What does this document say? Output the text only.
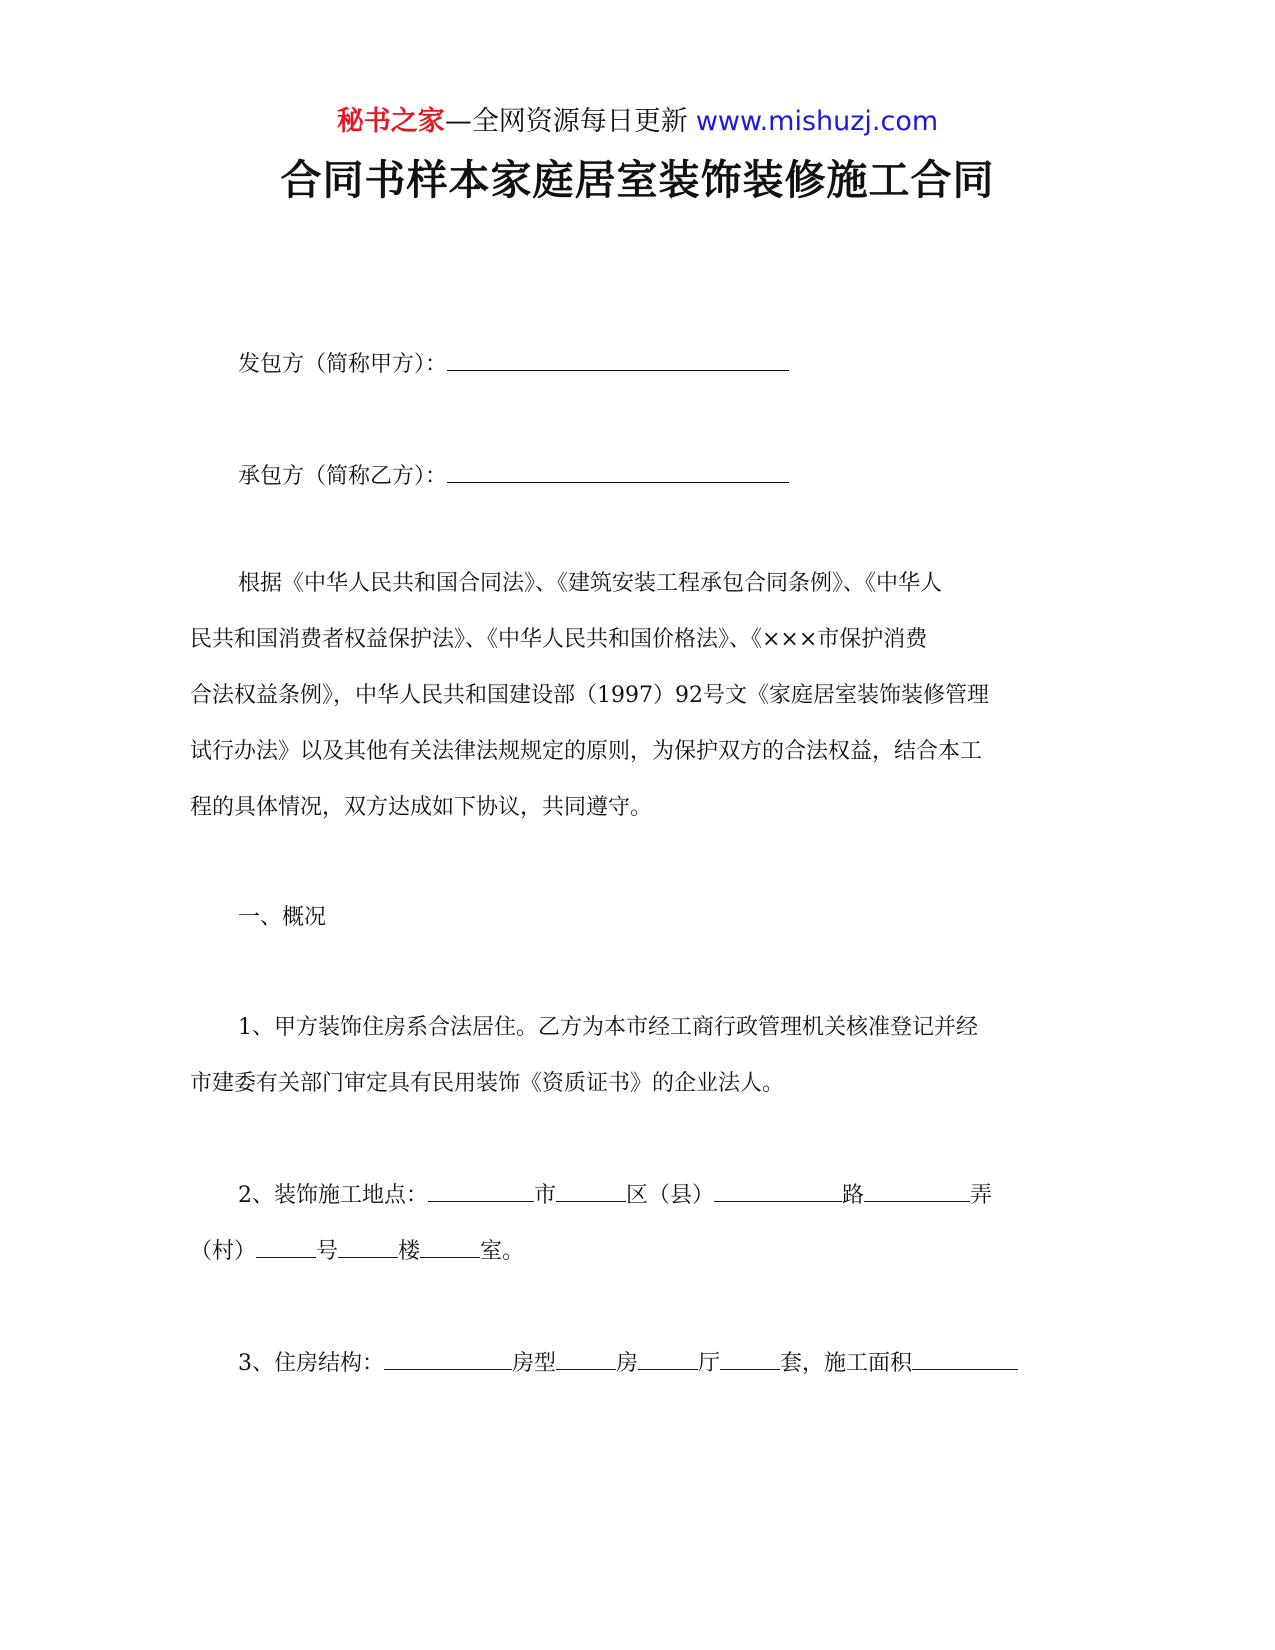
秘书之家—全网资源每日更新 www.mishuzj.com
合同书样本家庭居室装饰装修施工合同
发包方（简称甲方）：
承包方（简称乙方）：
根据《中华人民共和国合同法》、《建筑安装工程承包合同条例》、《中华人
民共和国消费者权益保护法》、《中华人民共和国价格法》、《×××市保护消费
合法权益条例》，中华人民共和国建设部（1997）92号文《家庭居室装饰装修管理
试行办法》以及其他有关法律法规规定的原则，为保护双方的合法权益，结合本工
程的具体情况，双方达成如下协议，共同遵守。
一、概况
1、甲方装饰住房系合法居住。乙方为本市经工商行政管理机关核准登记并经
市建委有关部门审定具有民用装饰《资质证书》的企业法人。
2、装饰施工地点：	市	区（县）	路	弄
（村）	号	楼	室。
3、住房结构：	房型	房	厅	套，施工面积
